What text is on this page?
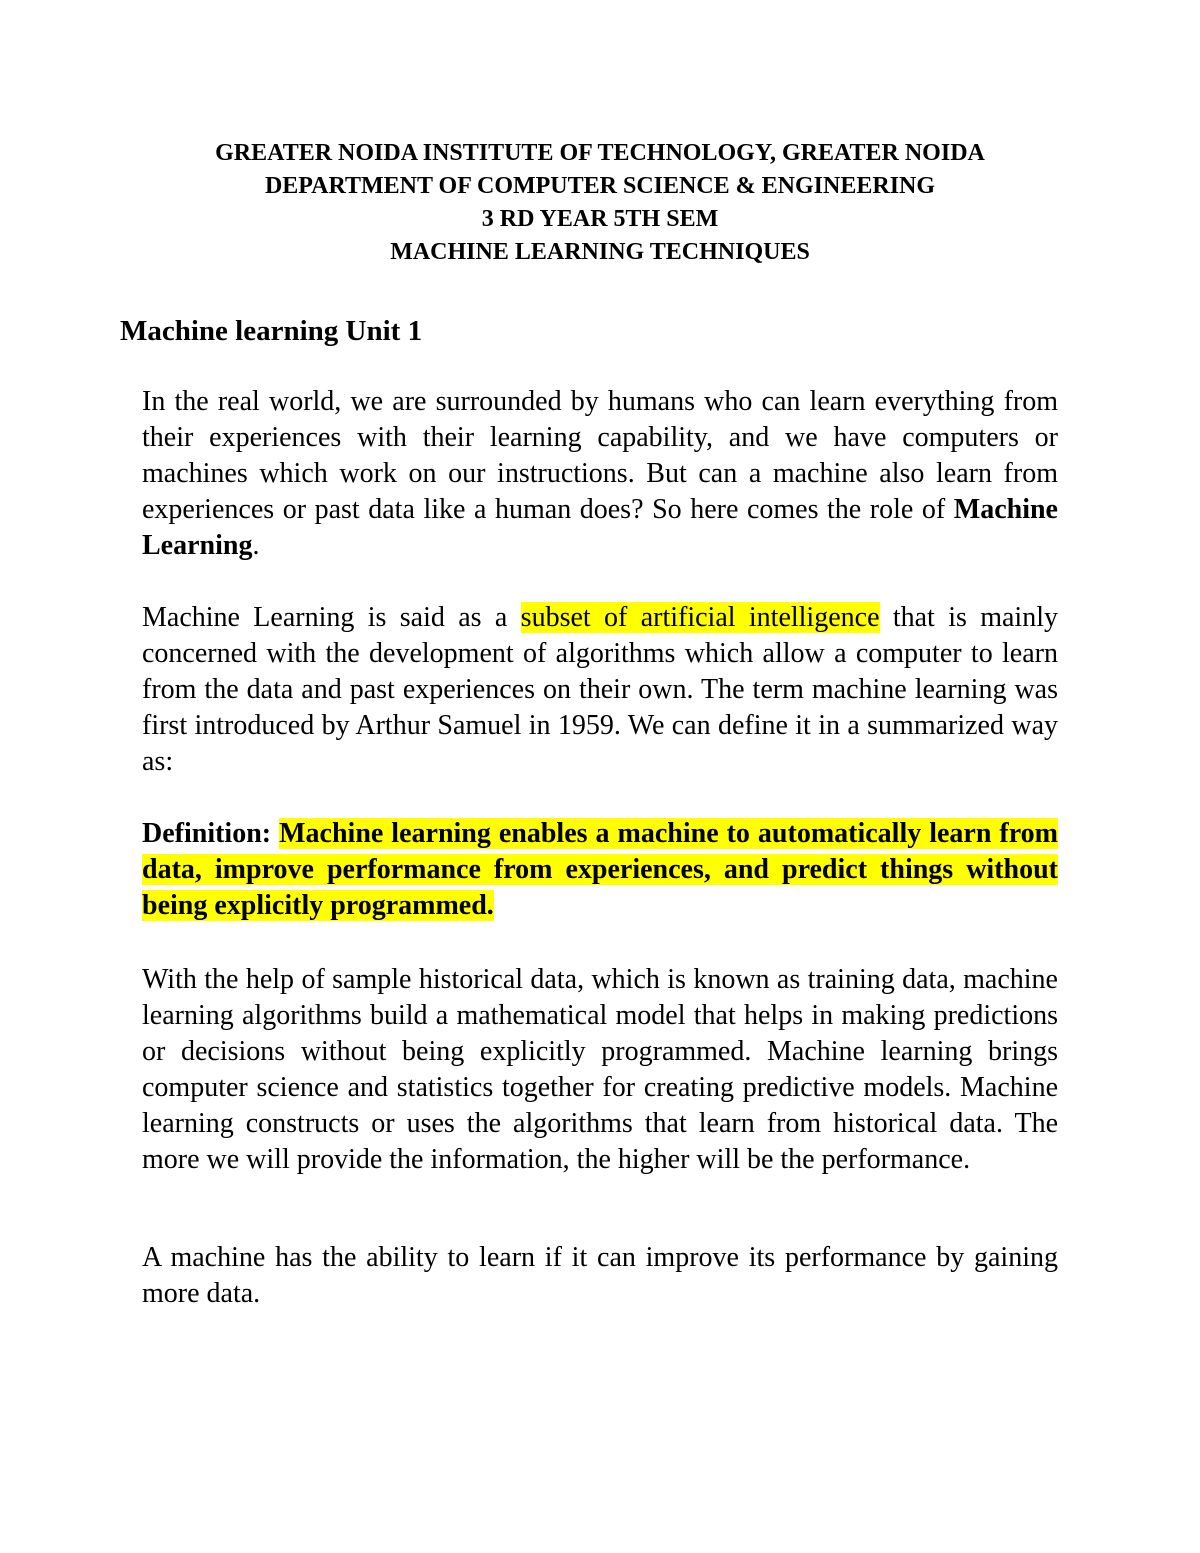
GREATER NOIDA INSTITUTE OF TECHNOLOGY, GREATER NOIDA
DEPARTMENT OF COMPUTER SCIENCE & ENGINEERING
3 RD YEAR 5TH SEM
MACHINE LEARNING TECHNIQUES
Machine learning Unit 1

In the real world, we are surrounded by humans who can learn everything from their experiences with their learning capability, and we have computers or machines which work on our instructions. But can a machine also learn from experiences or past data like a human does? So here comes the role of Machine Learning.

Machine Learning is said as a subset of artificial intelligence that is mainly concerned with the development of algorithms which allow a computer to learn from the data and past experiences on their own. The term machine learning was first introduced by Arthur Samuel in 1959. We can define it in a summarized way as:

Definition: Machine learning enables a machine to automatically learn from data, improve performance from experiences, and predict things without being explicitly programmed.

With the help of sample historical data, which is known as training data, machine learning algorithms build a mathematical model that helps in making predictions or decisions without being explicitly programmed. Machine learning brings computer science and statistics together for creating predictive models. Machine learning constructs or uses the algorithms that learn from historical data. The more we will provide the information, the higher will be the performance.

A machine has the ability to learn if it can improve its performance by gaining more data.
